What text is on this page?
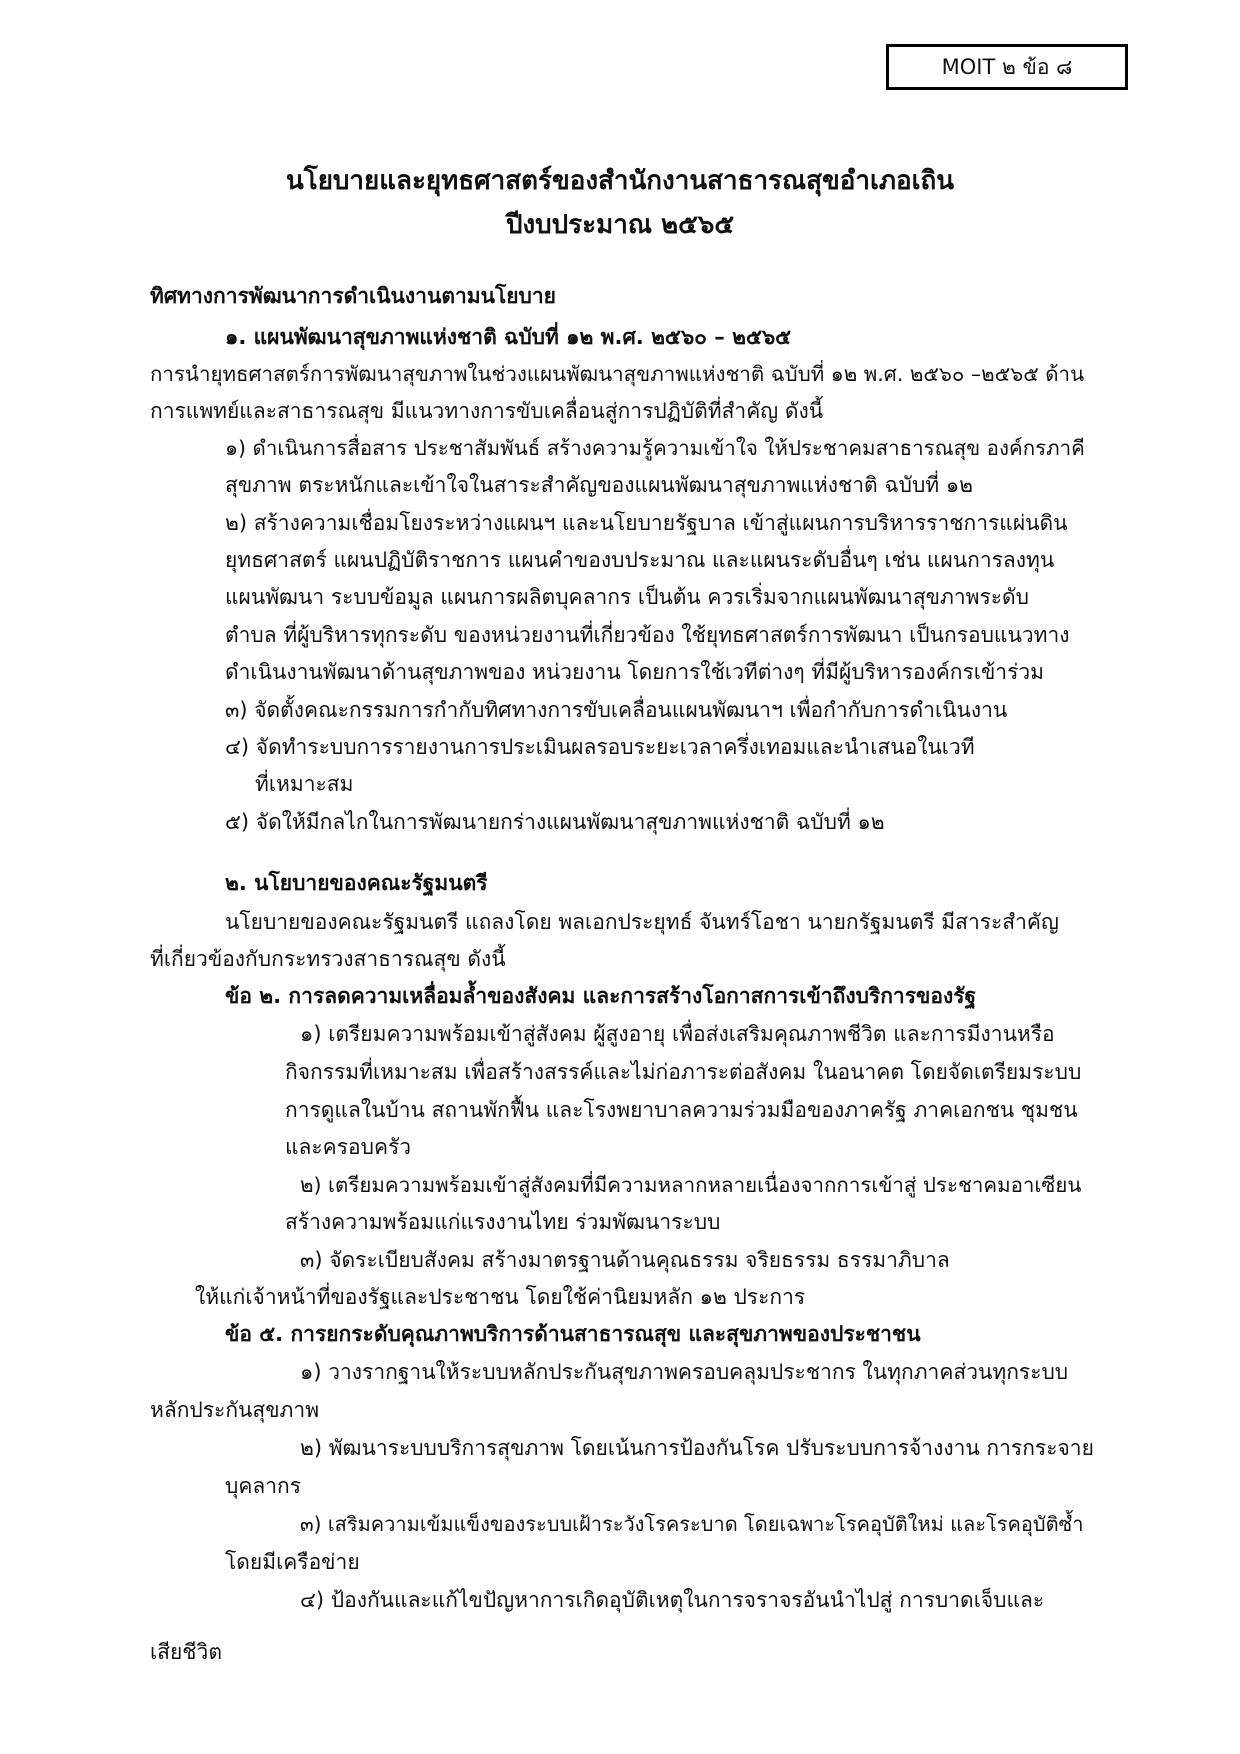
MOIT ๒ ข้อ ๘
นโยบายและยุทธศาสตร์ของสำนักงานสาธารณสุขอำเภอเถิน
ปีงบประมาณ ๒๕๖๕
ทิศทางการพัฒนาการดำเนินงานตามนโยบาย
๑. แผนพัฒนาสุขภาพแห่งชาติ ฉบับที่ ๑๒ พ.ศ. ๒๕๖๐ – ๒๕๖๕
การนำยุทธศาสตร์การพัฒนาสุขภาพในช่วงแผนพัฒนาสุขภาพแห่งชาติ ฉบับที่ ๑๒ พ.ศ. ๒๕๖๐ –๒๕๖๕ ด้าน
การแพทย์และสาธารณสุข มีแนวทางการขับเคลื่อนสู่การปฏิบัติที่สำคัญ ดังนี้
๑) ดำเนินการสื่อสาร ประชาสัมพันธ์ สร้างความรู้ความเข้าใจ ให้ประชาคมสาธารณสุข องค์กรภาคี
สุขภาพ ตระหนักและเข้าใจในสาระสำคัญของแผนพัฒนาสุขภาพแห่งชาติ ฉบับที่ ๑๒
๒) สร้างความเชื่อมโยงระหว่างแผนฯ และนโยบายรัฐบาล เข้าสู่แผนการบริหารราชการแผ่นดิน
ยุทธศาสตร์ แผนปฏิบัติราชการ แผนคำของบประมาณ และแผนระดับอื่นๆ เช่น แผนการลงทุน
แผนพัฒนา ระบบข้อมูล แผนการผลิตบุคลากร เป็นต้น ควรเริ่มจากแผนพัฒนาสุขภาพระดับ
ตำบล ที่ผู้บริหารทุกระดับ ของหน่วยงานที่เกี่ยวข้อง ใช้ยุทธศาสตร์การพัฒนา เป็นกรอบแนวทาง
ดำเนินงานพัฒนาด้านสุขภาพของ หน่วยงาน โดยการใช้เวทีต่างๆ ที่มีผู้บริหารองค์กรเข้าร่วม
๓) จัดตั้งคณะกรรมการกำกับทิศทางการขับเคลื่อนแผนพัฒนาฯ เพื่อกำกับการดำเนินงาน
๔) จัดทำระบบการรายงานการประเมินผลรอบระยะเวลาครึ่งเทอมและนำเสนอในเวที
ที่เหมาะสม
๕) จัดให้มีกลไกในการพัฒนายกร่างแผนพัฒนาสุขภาพแห่งชาติ ฉบับที่ ๑๒
๒. นโยบายของคณะรัฐมนตรี
นโยบายของคณะรัฐมนตรี แถลงโดย พลเอกประยุทธ์ จันทร์โอชา นายกรัฐมนตรี มีสาระสำคัญ
ที่เกี่ยวข้องกับกระทรวงสาธารณสุข ดังนี้
ข้อ ๒. การลดความเหลื่อมล้ำของสังคม และการสร้างโอกาสการเข้าถึงบริการของรัฐ
๑) เตรียมความพร้อมเข้าสู่สังคม ผู้สูงอายุ เพื่อส่งเสริมคุณภาพชีวิต และการมีงานหรือ
กิจกรรมที่เหมาะสม เพื่อสร้างสรรค์และไม่ก่อภาระต่อสังคม ในอนาคต โดยจัดเตรียมระบบ
การดูแลในบ้าน สถานพักฟื้น และโรงพยาบาลความร่วมมือของภาครัฐ ภาคเอกชน ชุมชน
และครอบครัว
๒) เตรียมความพร้อมเข้าสู่สังคมที่มีความหลากหลายเนื่องจากการเข้าสู่ ประชาคมอาเซียน
สร้างความพร้อมแก่แรงงานไทย ร่วมพัฒนาระบบ
๓) จัดระเบียบสังคม สร้างมาตรฐานด้านคุณธรรม จริยธรรม ธรรมาภิบาล
ให้แก่เจ้าหน้าที่ของรัฐและประชาชน โดยใช้ค่านิยมหลัก ๑๒ ประการ
ข้อ ๕. การยกระดับคุณภาพบริการด้านสาธารณสุข และสุขภาพของประชาชน
๑) วางรากฐานให้ระบบหลักประกันสุขภาพครอบคลุมประชากร ในทุกภาคส่วนทุกระบบ
หลักประกันสุขภาพ
๒) พัฒนาระบบบริการสุขภาพ โดยเน้นการป้องกันโรค ปรับระบบการจ้างงาน การกระจาย
บุคลากร
๓) เสริมความเข้มแข็งของระบบเฝ้าระวังโรคระบาด โดยเฉพาะโรคอุบัติใหม่ และโรคอุบัติซ้ำ
โดยมีเครือข่าย
๔) ป้องกันและแก้ไขปัญหาการเกิดอุบัติเหตุในการจราจรอันนำไปสู่ การบาดเจ็บและ
เสียชีวิต
